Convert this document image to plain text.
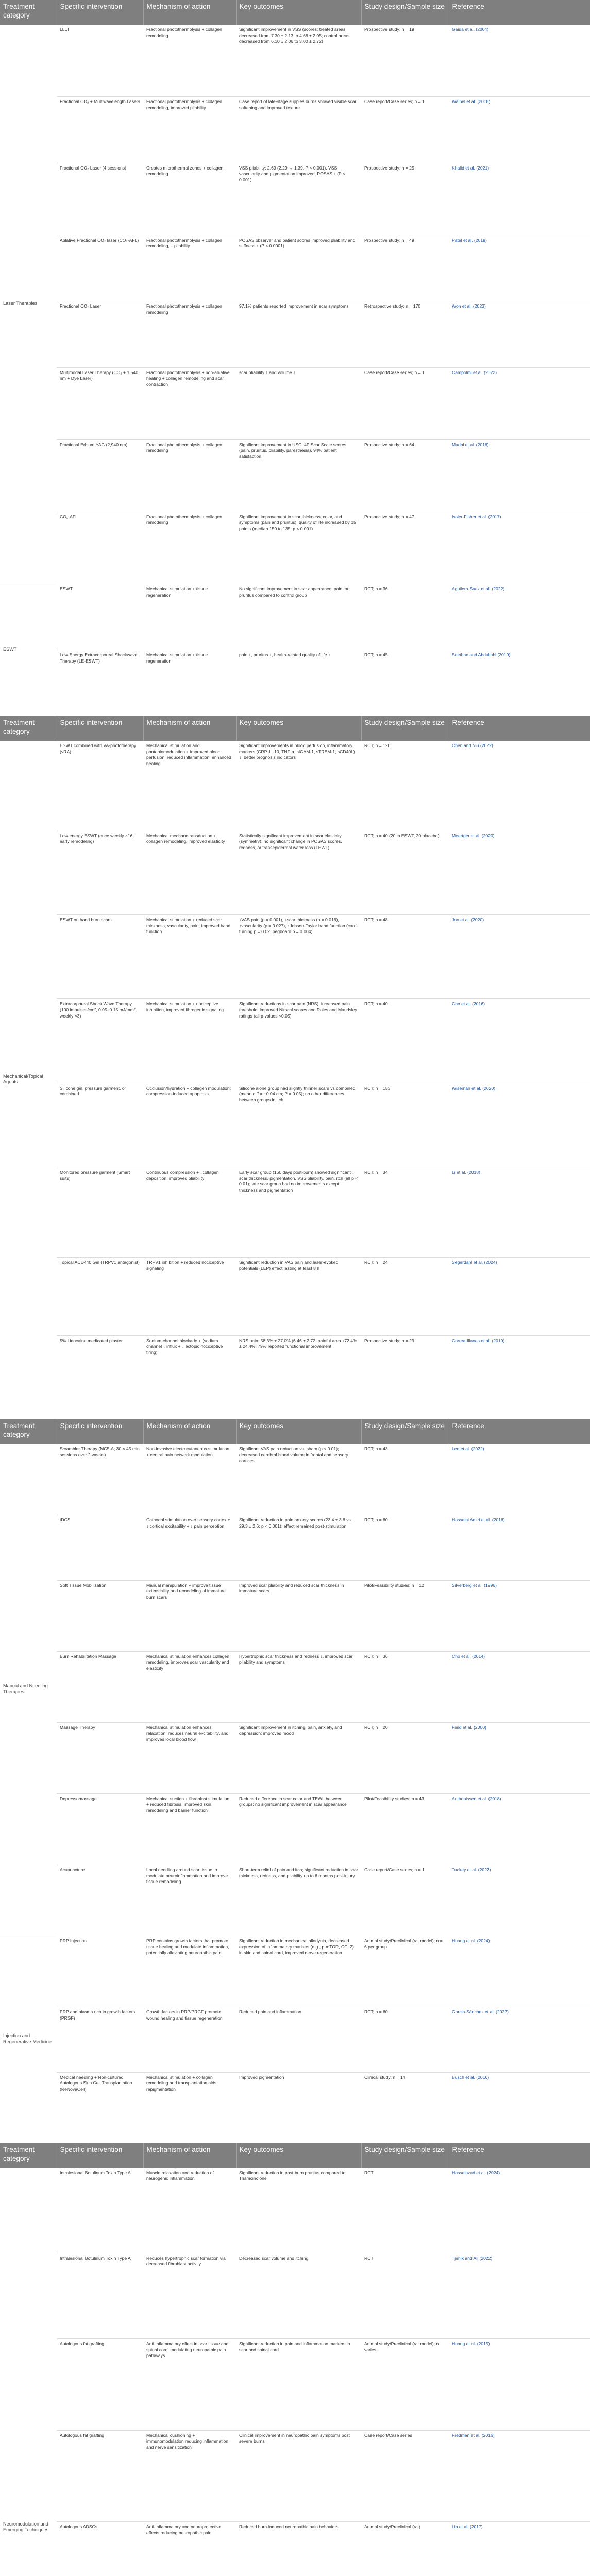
Treatment category	Specific intervention	Mechanism of action	Key outcomes	Study design/Sample size	Reference
Laser Therapies	LLLT	Fractional photothermolysis + collagen remodeling	Significant improvement in VSS (scores: treated areas decreased from 7.30 ± 2.13 to 4.68 ± 2.05; control areas decreased from 6.10 ± 2.06 to 3.00 ± 2.72)	Prospective study; n = 19	Gaida et al. (2004)
	Fractional CO₂ + Multiwavelength Lasers	Fractional photothermolysis + collagen remodeling, improved pliability	Case report of late-stage supples burns showed visible scar softening and improved texture	Case report/Case series; n = 1	Waibel et al. (2018)
	Fractional CO₂ Laser (4 sessions)	Creates microthermal zones + collagen remodeling	VSS pliability: 2.69 (2.29 → 1.39, P < 0.001), VSS vascularity and pigmentation improved, POSAS ↓ (P < 0.001)	Prospective study; n = 25	Khalid et al. (2021)
	Ablative Fractional CO₂ laser (CO₂-AFL)	Fractional photothermolysis + collagen remodeling, ↓ pliability	POSAS observer and patient scores improved pliability and stiffness ↑ (P < 0.0001)	Prospective study; n = 49	Patel et al. (2019)
	Fractional CO₂ Laser	Fractional photothermolysis + collagen remodeling	97.1% patients reported improvement in scar symptoms	Retrospective study; n = 170	Won et al. (2023)
	Multimodal Laser Therapy (CO₂ + 1,540 nm + Dye Laser)	Fractional photothermolysis + non-ablative heating + collagen remodeling and scar contraction	scar pliability ↑ and volume ↓	Case report/Case series; n = 1	Campolmi et al. (2022)
	Fractional Erbium:YAG (2,940 nm)	Fractional photothermolysis + collagen remodeling	Significant improvement in USC, 4P Scar Scale scores (pain, pruritus, pliability, paresthesia), 94% patient satisfaction	Prospective study; n = 64	Madni et al. (2016)
	CO₂-AFL	Fractional photothermolysis + collagen remodeling	Significant improvement in scar thickness, color, and symptoms (pain and pruritus), quality of life increased by 15 points (median 150 to 135; p < 0.001)	Prospective study; n = 47	Issler-Fisher et al. (2017)
ESWT	ESWT	Mechanical stimulation + tissue regeneration	No significant improvement in scar appearance, pain, or pruritus compared to control group	RCT; n = 36	Aguilera-Saez et al. (2022)
	Low-Energy Extracorporeal Shockwave Therapy (LE-ESWT)	Mechanical stimulation + tissue regeneration	pain ↓, pruritus ↓, health-related quality of life ↑	RCT; n = 45	Seethan and Abdullahi (2019)
Treatment category	Specific intervention	Mechanism of action	Key outcomes	Study design/Sample size	Reference
Mechanical/Topical Agents	ESWT combined with VA-phototherapy (vRA)	Mechanical stimulation and photobiomodulation + improved blood perfusion, reduced inflammation, enhanced healing	Significant improvements in blood perfusion, inflammatory markers (CRP, IL-10, TNF-α, sICAM-1, sTREM-1, sCD40L) ↓, better prognosis indicators	RCT; n = 120	Chen and Niu (2022)
	Low-energy ESWT (once weekly ×16; early remodeling)	Mechanical mechanotransduction + collagen remodeling, improved elasticity	Statistically significant improvement in scar elasticity (symmetry); no significant change in POSAS scores, redness, or transepidermal water loss (TEWL)	RCT; n = 40 (20 in ESWT, 20 placebo)	Meertger et al. (2020)
	ESWT on hand burn scars	Mechanical stimulation + reduced scar thickness, vascularity, pain, improved hand function	↓VAS pain (p = 0.001), ↓scar thickness (p = 0.016), ↑vascularity (p = 0.027), ↑Jebsen-Taylor hand function (card-turning p = 0.02, pegboard p = 0.004)	RCT; n = 48	Joo et al. (2020)
	Extracorporeal Shock Wave Therapy (100 impulses/cm², 0.05–0.15 mJ/mm², weekly ×3)	Mechanical stimulation + nociceptive inhibition, improved fibrogenic signaling	Significant reductions in scar pain (NRS), increased pain threshold, improved Nirschl scores and Roles and Maudsley ratings (all p-values <0.05)	RCT; n = 40	Cho et al. (2016)
	Silicone gel, pressure garment, or combined	Occlusion/hydration + collagen modulation; compression-induced apoptosis	Silicone alone group had slightly thinner scars vs combined (mean diff = −0.04 cm; P = 0.05); no other differences between groups in itch	RCT; n = 153	Wiseman et al. (2020)
	Monitored pressure garment (Smart suits)	Continuous compression + ↓collagen deposition, improved pliability	Early scar group (160 days post-burn) showed significant ↓ scar thickness, pigmentation, VSS pliability, pain, itch (all p < 0.01); late scar group had no improvements except thickness and pigmentation	RCT; n = 34	Li et al. (2018)
	Topical ACD440 Gel (TRPV1 antagonist)	TRPV1 inhibition + reduced nociceptive signaling	Significant reduction in VAS pain and laser-evoked potentials (LEP) effect lasting at least 8 h	RCT; n = 24	Segerdahl et al. (2024)
	5% Lidocaine medicated plaster	Sodium-channel blockade + (sodium channel ↓ influx + ↓ ectopic nociceptive firing)	NRS pain: 58.3% ± 27.0% (6.46 ± 2.72, painful area ↓72.4% ± 24.4%; 79% reported functional improvement	Prospective study; n = 29	Correa-Illanes et al. (2019)
Treatment category	Specific intervention	Mechanism of action	Key outcomes	Study design/Sample size	Reference
Manual and Needling Therapies	Scrambler Therapy (MC5-A; 30 × 45 min sessions over 2 weeks)	Non-invasive electrocutaneous stimulation + central pain network modulation	Significant VAS pain reduction vs. sham (p < 0.01); decreased cerebral blood volume in frontal and sensory cortices	RCT; n = 43	Lee et al. (2022)
	tDCS	Cathodal stimulation over sensory cortex ± ↓ cortical excitability + ↓ pain perception	Significant reduction in pain anxiety scores (23.4 ± 3.8 vs. 29.3 ± 2.6; p < 0.001); effect remained post-stimulation	RCT; n = 60	Hosseini Amiri et al. (2016)
	Soft Tissue Mobilization	Manual manipulation + improve tissue extensibility and remodeling of immature burn scars	Improved scar pliability and reduced scar thickness in immature scars	Pilot/Feasibility studies; n = 12	Silverberg et al. (1996)
	Burn Rehabilitation Massage	Mechanical stimulation enhances collagen remodeling, improves scar vascularity and elasticity	Hypertrophic scar thickness and redness ↓, improved scar pliability and symptoms	RCT; n = 36	Cho et al. (2014)
	Massage Therapy	Mechanical stimulation enhances relaxation, reduces neural excitability, and improves local blood flow	Significant improvement in itching, pain, anxiety, and depression; improved mood	RCT; n = 20	Field et al. (2000)
	Depressomassage	Mechanical suction + fibroblast stimulation + reduced fibrosis, improved skin remodeling and barrier function	Reduced difference in scar color and TEWL between groups; no significant improvement in scar appearance	Pilot/Feasibility studies; n = 43	Anthonissen et al. (2018)
	Acupuncture	Local needling around scar tissue to modulate neuroinflammation and improve tissue remodeling	Short-term relief of pain and itch; significant reduction in scar thickness, redness, and pliability up to 6 months post-injury	Case report/Case series; n = 1	Tuckey et al. (2022)
Injection and Regenerative Medicine	PRP Injection	PRP contains growth factors that promote tissue healing and modulate inflammation, potentially alleviating neuropathic pain	Significant reduction in mechanical allodynia, decreased expression of inflammatory markers (e.g., p-mTOR, CCL2) in skin and spinal cord, improved nerve regeneration	Animal study/Preclinical (rat model); n = 6 per group	Huang et al. (2024)
	PRP and plasma rich in growth factors (PRGF)	Growth factors in PRP/PRGF promote wound healing and tissue regeneration	Reduced pain and inflammation	RCT; n = 60	Garcia-Sánchez et al. (2022)
	Medical needling + Non-cultured Autologous Skin Cell Transplantation (ReNovaCell)	Mechanical stimulation + collagen remodeling and transplantation aids repigmentation	Improved pigmentation	Clinical study; n = 14	Busch et al. (2016)
Treatment category	Specific intervention	Mechanism of action	Key outcomes	Study design/Sample size	Reference
Neuromodulation and Emerging Techniques	Intralesional Botulinum Toxin Type A	Muscle relaxation and reduction of neurogenic inflammation	Significant reduction in post-burn pruritus compared to Triamcinolone	RCT	Hosseinzad et al. (2024)
	Intralesional Botulinum Toxin Type A	Reduces hypertrophic scar formation via decreased fibroblast activity	Decreased scar volume and itching	RCT	Tjeriik and Ali (2022)
	Autologous fat grafting	Anti-inflammatory effect in scar tissue and spinal cord, modulating neuropathic pain pathways	Significant reduction in pain and inflammation markers in scar and spinal cord	Animal study/Preclinical (rat model); n varies	Huang et al. (2015)
	Autologous fat grafting	Mechanical cushioning + immunomodulation reducing inflammation and nerve sensitization	Clinical improvement in neuropathic pain symptoms post severe burns	Case report/Case series	Fredman et al. (2016)
	Autologous ADSCs	Anti-inflammatory and neuroprotective effects reducing neuropathic pain	Reduced burn-induced neuropathic pain behaviors	Animal study/Preclinical (rat)	Lin et al. (2017)
